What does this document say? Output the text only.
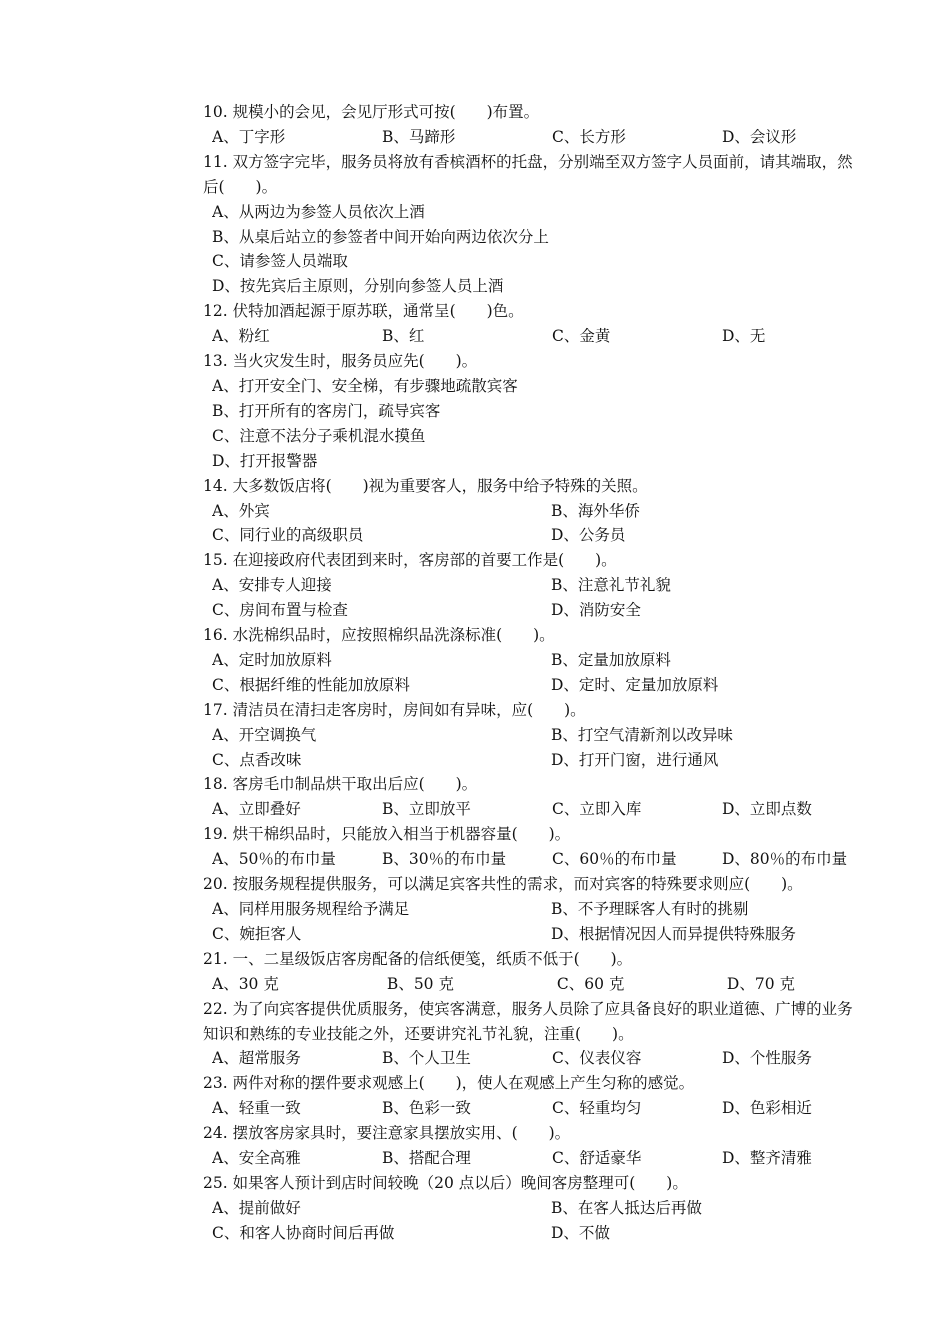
10. 规模小的会见，会见厅形式可按(　　)布置。

A、丁字形	B、马蹄形	C、长方形	D、会议形

11. 双方签字完毕，服务员将放有香槟酒杯的托盘，分别端至双方签字人员面前，请其端取，然后(　　)。

A、从两边为参签人员依次上酒
B、从桌后站立的参签者中间开始向两边依次分上
C、请参签人员端取
D、按先宾后主原则，分别向参签人员上酒

12. 伏特加酒起源于原苏联，通常呈(　　)色。

A、粉红	B、红	C、金黄	D、无

13. 当火灾发生时，服务员应先(　　)。

A、打开安全门、安全梯，有步骤地疏散宾客
B、打开所有的客房门，疏导宾客
C、注意不法分子乘机混水摸鱼
D、打开报警器

14. 大多数饭店将(　　)视为重要客人，服务中给予特殊的关照。

A、外宾	B、海外华侨
C、同行业的高级职员	D、公务员

15. 在迎接政府代表团到来时，客房部的首要工作是(　　)。

A、安排专人迎接	B、注意礼节礼貌
C、房间布置与检查	D、消防安全

16. 水洗棉织品时，应按照棉织品洗涤标准(　　)。

A、定时加放原料	B、定量加放原料
C、根据纤维的性能加放原料	D、定时、定量加放原料

17. 清洁员在清扫走客房时，房间如有异味，应(　　)。

A、开空调换气	B、打空气清新剂以改异味
C、点香改味	D、打开门窗，进行通风

18. 客房毛巾制品烘干取出后应(　　)。

A、立即叠好	B、立即放平	C、立即入库	D、立即点数

19. 烘干棉织品时，只能放入相当于机器容量(　　)。

A、50％的布巾量	B、30％的布巾量	C、60％的布巾量	D、80％的布巾量

20. 按服务规程提供服务，可以满足宾客共性的需求，而对宾客的特殊要求则应(　　)。

A、同样用服务规程给予满足	B、不予理睬客人有时的挑剔
C、婉拒客人	D、根据情况因人而异提供特殊服务

21. 一、二星级饭店客房配备的信纸便笺，纸质不低于(　　)。

A、30 克	B、50 克	C、60 克	D、70 克

22. 为了向宾客提供优质服务，使宾客满意，服务人员除了应具备良好的职业道德、广博的业务知识和熟练的专业技能之外，还要讲究礼节礼貌，注重(　　)。

A、超常服务	B、个人卫生	C、仪表仪容	D、个性服务

23. 两件对称的摆件要求观感上(　　)，使人在观感上产生匀称的感觉。

A、轻重一致	B、色彩一致	C、轻重均匀	D、色彩相近

24. 摆放客房家具时，要注意家具摆放实用、(　　)。

A、安全高雅	B、搭配合理	C、舒适豪华	D、整齐清雅

25. 如果客人预计到店时间较晚（20 点以后）晚间客房整理可(　　)。

A、提前做好	B、在客人抵达后再做
C、和客人协商时间后再做	D、不做
